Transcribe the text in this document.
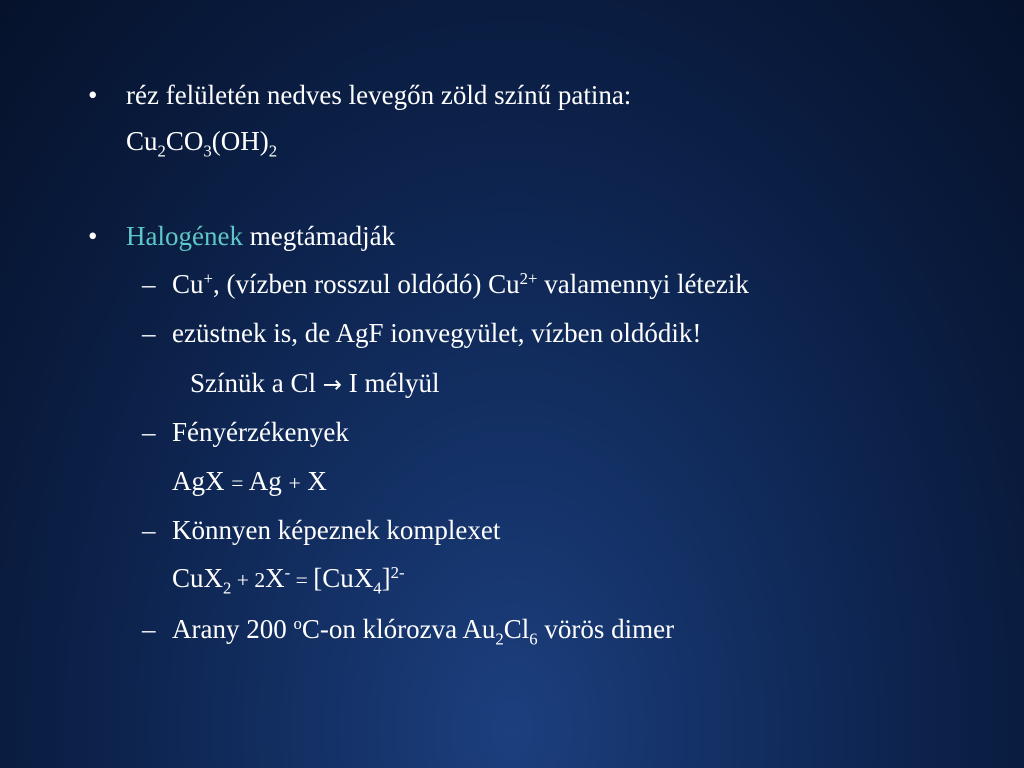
• réz felületén nedves levegőn zöld színű patina:
$Cu_2CO_3(OH)_2$
• Halogének megtámadják
– Cu+, (vízben rosszul oldódó) $Cu^{2+}$ valamennyi létezik
– ezüstnek is, de AgF ionvegyület, vízben oldódik!
Színük a Cl → I mélyül
– Fényérzékenyek
AgX = Ag + X
– Könnyen képeznek komplexet
$CuX_2 + 2X^- = [CuX_4]^{2-}$
– Arany 200 $^o$C-on klórozva $Au_2Cl_6$ vörös dimer
